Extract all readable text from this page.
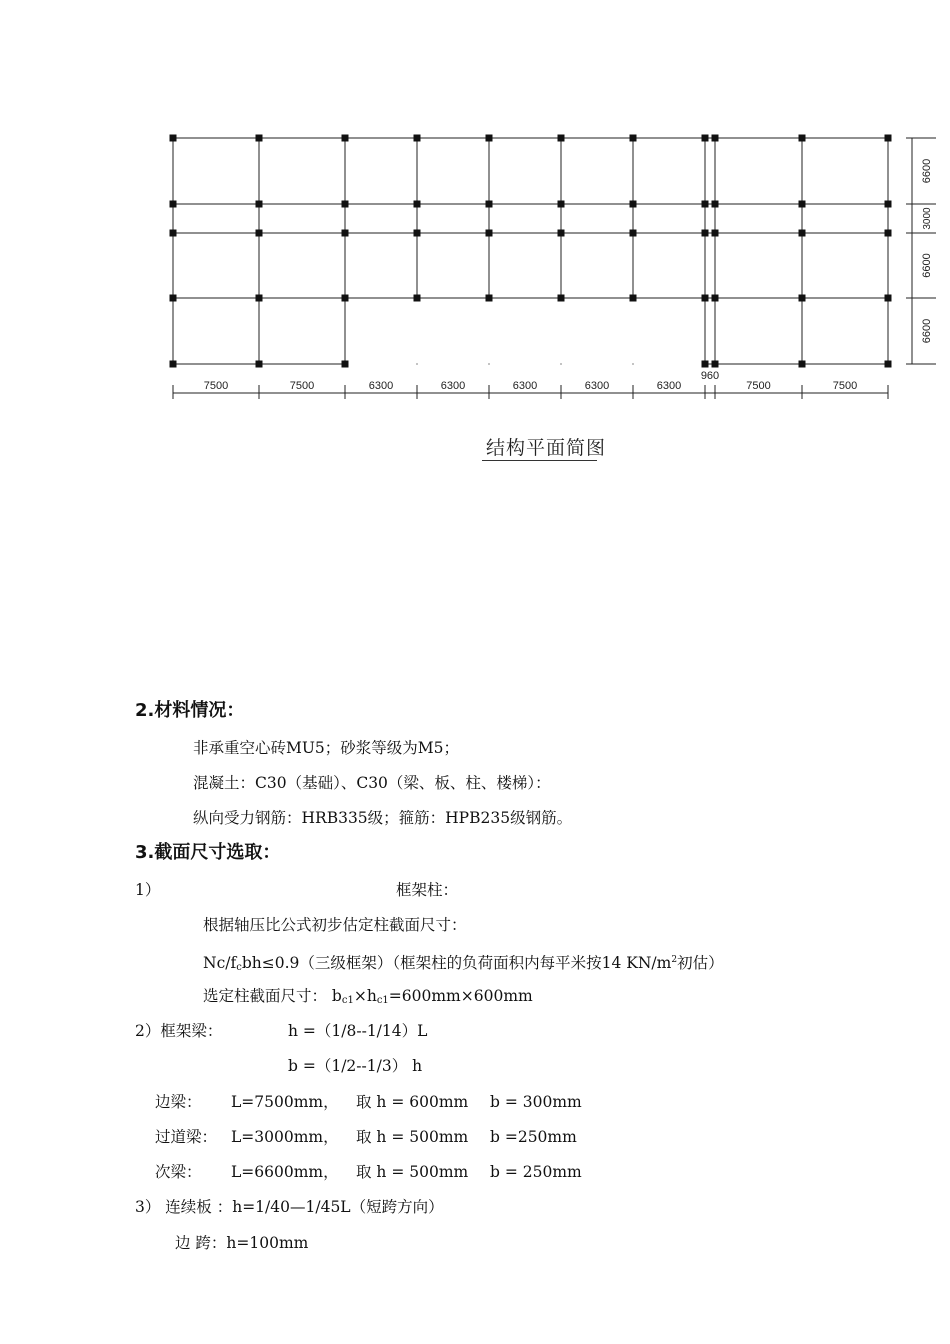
7500	7500	6300	6300	6300	6300	6300
960
7500	7500
6600
3000
6600
6600
结构平面简图
2.材料情况：
非承重空心砖MU5；砂浆等级为M5；
混凝土：C30（基础）、C30（梁、板、柱、楼梯）：
纵向受力钢筋：HRB335级；箍筋：HPB235级钢筋。
3.截面尺寸选取：
1）	框架柱：
根据轴压比公式初步估定柱截面尺寸：
$Nc/f_cbh\le 0.9$（三级框架）（框架柱的负荷面积内每平米按14 $KN/m^2$初估）
选定柱截面尺寸： $b_{c1}\times h_{c1}=600mm\times 600mm$
2）框架梁：	h =（1/8--1/14）L
b =（1/2--1/3） h
边梁： L=7500mm， 取 h = 600mm b = 300mm
过道梁： L=3000mm， 取 h = 500mm b =250mm
次梁： L=6600mm， 取 h = 500mm b = 250mm
3） 连续板 ：h=1/40—1/45L（短跨方向）
边 跨：h=100mm
